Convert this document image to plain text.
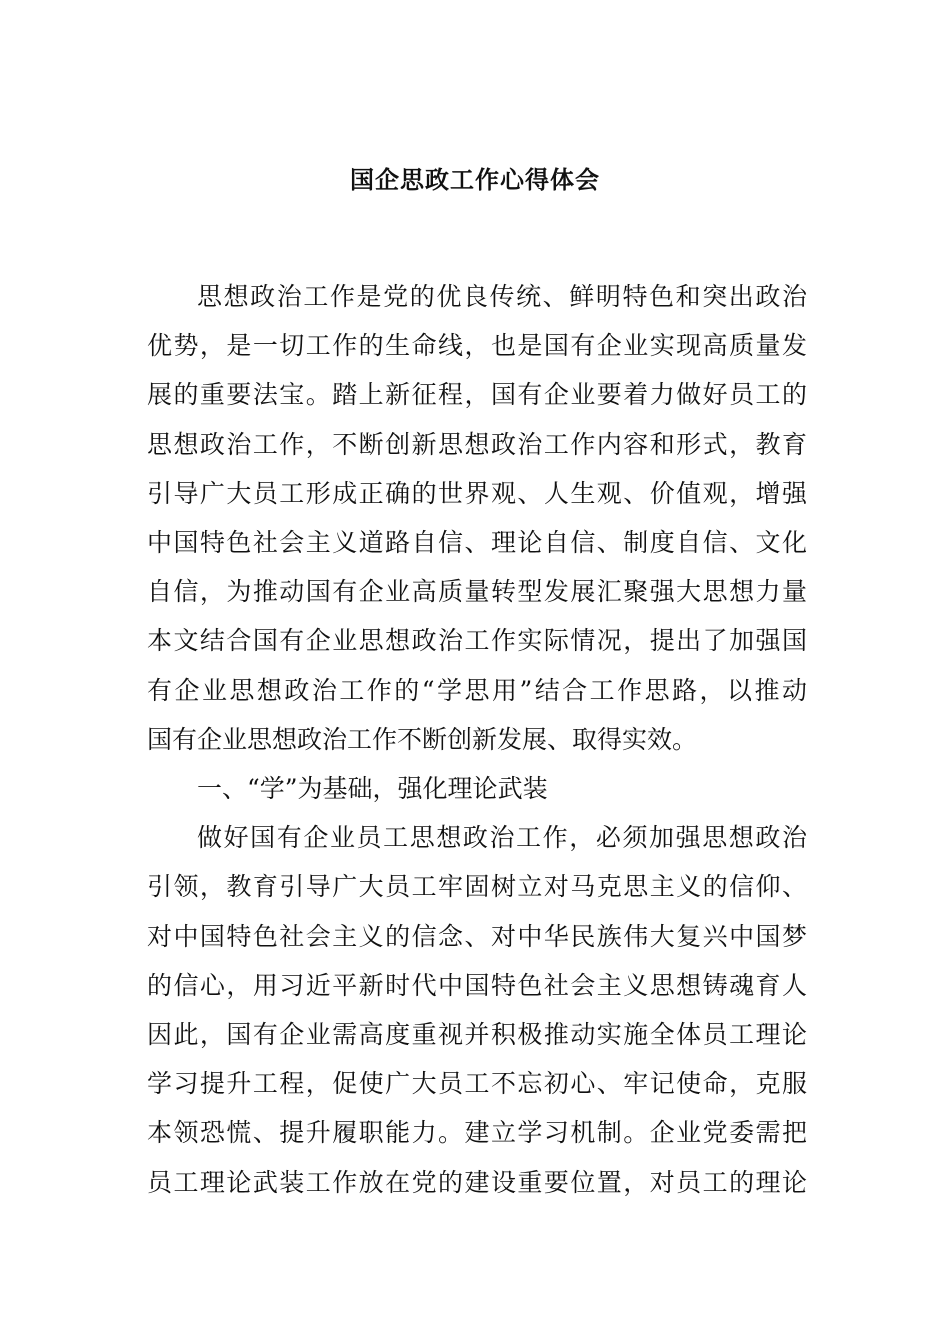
国企思政工作心得体会
思想政治工作是党的优良传统、鲜明特色和突出政治
优势，是一切工作的生命线，也是国有企业实现高质量发
展的重要法宝。踏上新征程，国有企业要着力做好员工的
思想政治工作，不断创新思想政治工作内容和形式，教育
引导广大员工形成正确的世界观、人生观、价值观，增强
中国特色社会主义道路自信、理论自信、制度自信、文化
自信，为推动国有企业高质量转型发展汇聚强大思想力量
本文结合国有企业思想政治工作实际情况，提出了加强国
有企业思想政治工作的“学思用”结合工作思路，以推动
国有企业思想政治工作不断创新发展、取得实效。
一、“学”为基础，强化理论武装
做好国有企业员工思想政治工作，必须加强思想政治
引领，教育引导广大员工牢固树立对马克思主义的信仰、
对中国特色社会主义的信念、对中华民族伟大复兴中国梦
的信心，用习近平新时代中国特色社会主义思想铸魂育人
因此，国有企业需高度重视并积极推动实施全体员工理论
学习提升工程，促使广大员工不忘初心、牢记使命，克服
本领恐慌、提升履职能力。建立学习机制。企业党委需把
员工理论武装工作放在党的建设重要位置，对员工的理论
